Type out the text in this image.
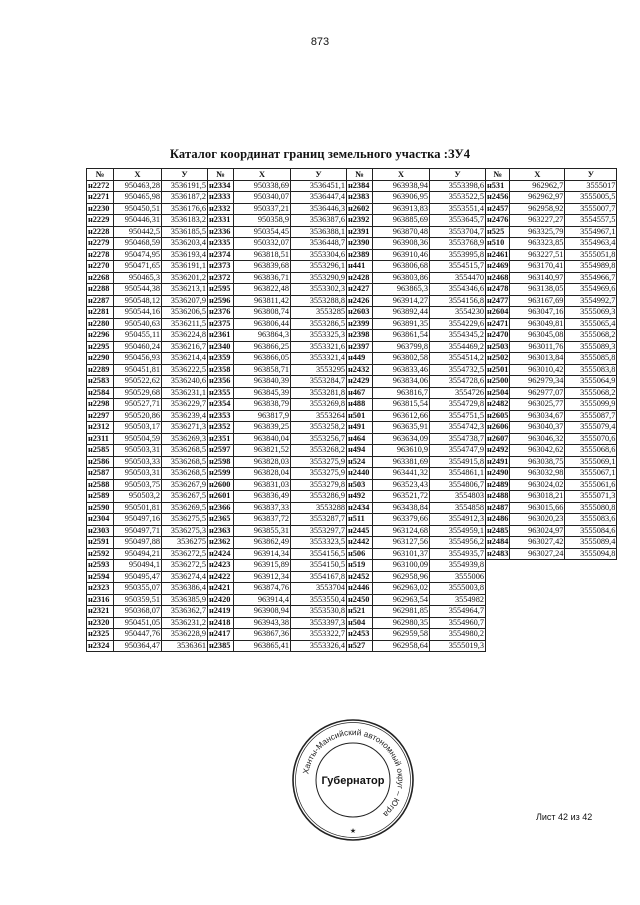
873
Каталог координат границ земельного участка :ЗУ4
№	X	У	№	X	У	№	X	У	№	X	У
н2272	950463,28	3536191,5	н2334	950338,69	3536451,1	н2384	963938,94	3553398,6	н531	962962,7	3555017
н2271	950465,98	3536187,2	н2333	950340,07	3536447,4	н2383	963906,95	3553522,5	н2456	962962,97	3555005,5
н2230	950450,51	3536176,6	н2332	950337,21	3536446,3	н2602	963913,83	3553551,4	н2457	962958,92	3555007,7
н2229	950446,31	3536183,2	н2331	950358,9	3536387,6	н2392	963885,69	3553645,7	н2476	963227,27	3554557,5
н2228	950442,5	3536185,5	н2336	950354,45	3536388,1	н2391	963870,48	3553704,7	н525	963325,79	3554967,1
н2279	950468,59	3536203,4	н2335	950332,07	3536448,7	н2390	963908,36	3553768,9	н510	963323,85	3554963,4
н2278	950474,95	3536193,4	н2374	963818,51	3553304,6	н2389	963910,46	3553995,8	н2461	963227,51	3555051,8
н2270	950471,65	3536191,1	н2373	963839,68	3553296,1	н441	963806,68	3554515,7	н2469	963170,41	3554989,8
н2268	950465,3	3536201,2	н2372	963836,71	3553290,9	н2428	963803,86	3554470	н2468	963140,97	3554966,7
н2288	950544,38	3536213,1	н2595	963822,48	3553302,3	н2427	963865,3	3554346,6	н2478	963138,05	3554969,6
н2287	950548,12	3536207,9	н2596	963811,42	3553288,8	н2426	963914,27	3554156,8	н2477	963167,69	3554992,7
н2281	950544,16	3536206,5	н2376	963808,74	3553285	н2603	963892,44	3554230	н2604	963047,16	3555069,3
н2280	950540,63	3536211,5	н2375	963806,44	3553286,5	н2399	963891,35	3554229,6	н2471	963049,81	3555065,4
н2296	950455,11	3536224,8	н2361	963864,3	3553325,3	н2398	963861,54	3554345,2	н2470	963045,08	3555068,2
н2295	950460,24	3536216,7	н2340	963866,25	3553321,6	н2397	963799,8	3554469,2	н2503	963011,76	3555089,3
н2290	950456,93	3536214,4	н2359	963866,05	3553321,4	н449	963802,58	3554514,2	н2502	963013,84	3555085,8
н2289	950451,81	3536222,5	н2358	963858,71	3553295	н2432	963833,46	3554732,5	н2501	963010,42	3555083,8
н2583	950522,62	3536240,6	н2356	963840,39	3553284,7	н2429	963834,06	3554728,6	н2500	962979,34	3555064,9
н2584	950529,68	3536231,1	н2355	963845,39	3553281,8	н467	963816,7	3554726	н2504	962977,07	3555068,2
н2298	950527,71	3536229,7	н2354	963838,79	3553269,8	н488	963815,54	3554729,8	н2482	963025,77	3555099,9
н2297	950520,86	3536239,4	н2353	963817,9	3553264	н501	963612,66	3554751,5	н2605	963034,67	3555087,7
н2312	950503,17	3536271,3	н2352	963839,25	3553258,2	н491	963635,91	3554742,3	н2606	963040,37	3555079,4
н2311	950504,59	3536269,3	н2351	963840,04	3553256,7	н464	963634,09	3554738,7	н2607	963046,32	3555070,6
н2585	950503,31	3536268,5	н2597	963821,52	3553268,2	н494	963610,9	3554747,9	н2492	963042,62	3555068,6
н2586	950503,33	3536268,5	н2598	963828,03	3553275,9	н524	963381,69	3554915,8	н2491	963038,75	3555069,1
н2587	950503,31	3536268,5	н2599	963828,04	3553275,9	н2440	963441,32	3554861,1	н2490	963032,98	3555067,1
н2588	950503,75	3536267,9	н2600	963831,03	3553279,8	н503	963523,43	3554806,7	н2489	963024,02	3555061,6
н2589	950503,2	3536267,5	н2601	963836,49	3553286,9	н492	963521,72	3554803	н2488	963018,21	3555071,3
н2590	950501,81	3536269,5	н2366	963837,33	3553288	н2434	963438,84	3554858	н2487	963015,66	3555080,8
н2304	950497,16	3536275,5	н2365	963837,72	3553287,7	н511	963379,66	3554912,3	н2486	963020,23	3555083,6
н2303	950497,71	3536275,3	н2363	963855,31	3553297,7	н2445	963124,68	3554959,1	н2485	963024,97	3555084,6
н2591	950497,88	3536275	н2362	963862,49	3553323,5	н2442	963127,56	3554956,2	н2484	963027,42	3555089,4
н2592	950494,21	3536272,5	н2424	963914,34	3554156,5	н506	963101,37	3554935,7	н2483	963027,24	3555094,8
н2593	950494,1	3536272,5	н2423	963915,89	3554150,5	н519	963100,09	3554939,8			
н2594	950495,47	3536274,4	н2422	963912,34	3554167,8	н2452	962958,96	3555006			
н2323	950355,07	3536386,4	н2421	963874,76	3553704	н2446	962963,02	3555003,8			
н2316	950359,51	3536385,9	н2420	963914,4	3553550,4	н2450	962963,54	3554982			
н2321	950368,07	3536362,7	н2419	963908,94	3553530,8	н521	962981,85	3554964,7			
н2320	950451,05	3536231,2	н2418	963943,38	3553397,3	н504	962980,35	3554960,7			
н2325	950447,76	3536228,9	н2417	963867,36	3553322,7	н2453	962959,58	3554980,2			
н2324	950364,47	3536361	н2385	963865,41	3553326,4	н527	962958,64	3555019,3			
Ханты-Мансийский автономный округ – Югра
Губернатор
★
Лист 42 из 42
